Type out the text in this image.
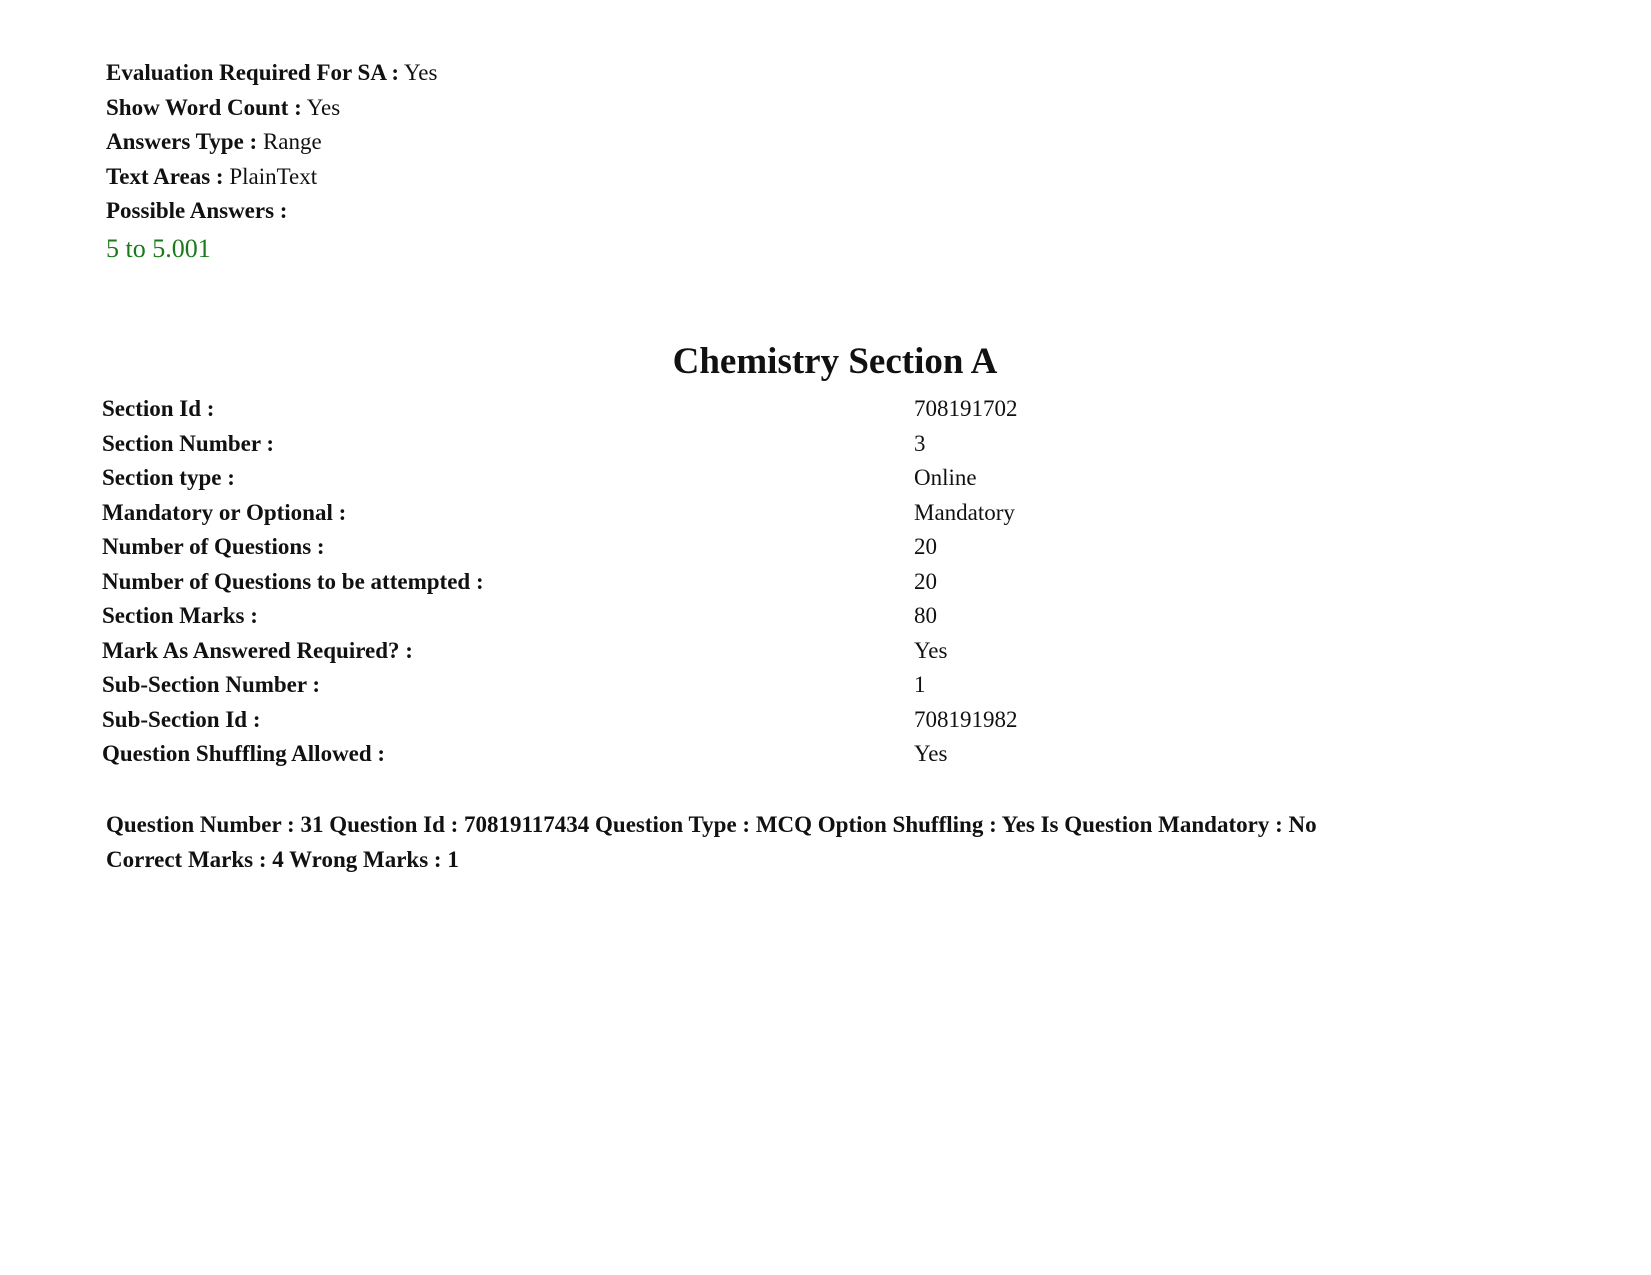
Evaluation Required For SA : Yes
Show Word Count : Yes
Answers Type : Range
Text Areas : PlainText
Possible Answers :
5 to 5.001
Chemistry Section A
Section Id :	708191702
Section Number :	3
Section type :	Online
Mandatory or Optional :	Mandatory
Number of Questions :	20
Number of Questions to be attempted :	20
Section Marks :	80
Mark As Answered Required? :	Yes
Sub-Section Number :	1
Sub-Section Id :	708191982
Question Shuffling Allowed :	Yes
Question Number : 31 Question Id : 70819117434 Question Type : MCQ Option Shuffling : Yes Is Question Mandatory : No
Correct Marks : 4 Wrong Marks : 1
